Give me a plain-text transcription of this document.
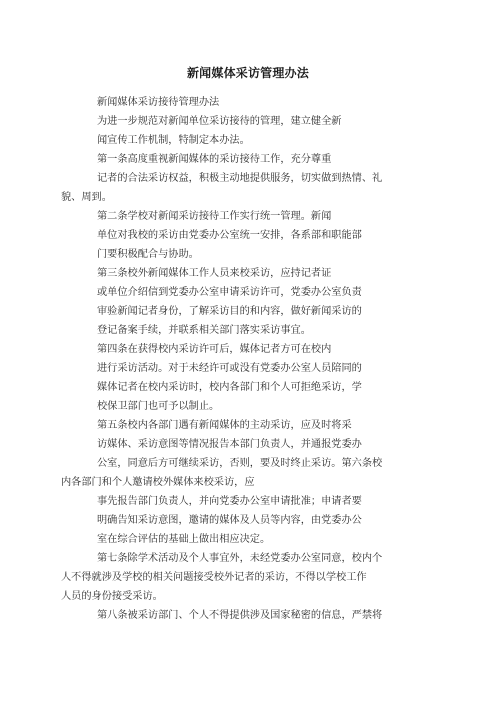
新闻媒体采访管理办法
新闻媒体采访接待管理办法
为进一步规范对新闻单位采访接待的管理，建立健全新
闻宣传工作机制，特制定本办法。
第一条高度重视新闻媒体的采访接待工作，充分尊重
记者的合法采访权益，积极主动地提供服务，切实做到热情、礼
貌、周到。
第二条学校对新闻采访接待工作实行统一管理。新闻
单位对我校的采访由党委办公室统一安排，各系部和职能部
门要积极配合与协助。
第三条校外新闻媒体工作人员来校采访，应持记者证
或单位介绍信到党委办公室申请采访许可，党委办公室负责
审验新闻记者身份，了解采访目的和内容，做好新闻采访的
登记备案手续，并联系相关部门落实采访事宜。
第四条在获得校内采访许可后，媒体记者方可在校内
进行采访活动。对于未经许可或没有党委办公室人员陪同的
媒体记者在校内采访时，校内各部门和个人可拒绝采访，学
校保卫部门也可予以制止。
第五条校内各部门遇有新闻媒体的主动采访，应及时将采
访媒体、采访意图等情况报告本部门负责人，并通报党委办
公室，同意后方可继续采访，否则，要及时终止采访。第六条校
内各部门和个人邀请校外媒体来校采访，应
事先报告部门负责人，并向党委办公室申请批准；申请者要
明确告知采访意图，邀请的媒体及人员等内容，由党委办公
室在综合评估的基础上做出相应决定。
第七条除学术活动及个人事宜外，未经党委办公室同意，校内个
人不得就涉及学校的相关问题接受校外记者的采访，不得以学校工作
人员的身份接受采访。
第八条被采访部门、个人不得提供涉及国家秘密的信息，严禁将
